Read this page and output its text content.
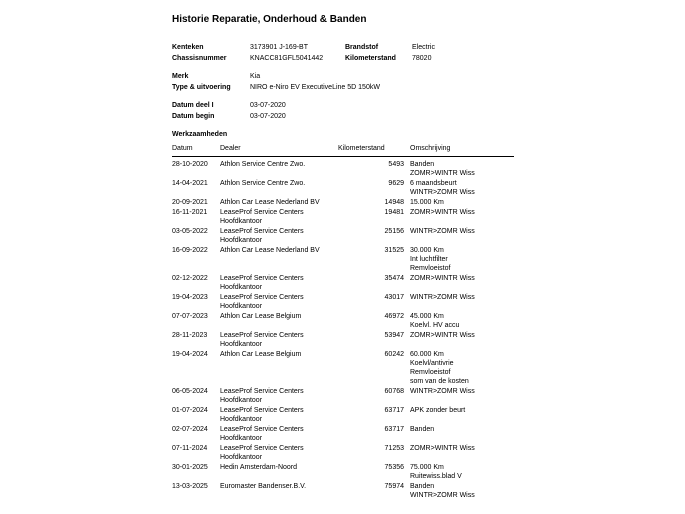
Historie Reparatie, Onderhoud & Banden
Kenteken	3173901 J-169-BT	Brandstof	Electric
Chassisnummer	KNACC81GFL5041442	Kilometerstand	78020
Merk	Kia
Type & uitvoering	NIRO e-Niro EV ExecutiveLine 5D 150kW
Datum deel I	03-07-2020
Datum begin	03-07-2020
Werkzaamheden
Datum	Dealer	Kilometerstand	Omschrijving
28-10-2020	Athlon Service Centre Zwo.	5493 Banden
ZOMR>WINTR Wiss
14-04-2021	Athlon Service Centre Zwo.	9629 6 maandsbeurt
WINTR>ZOMR Wiss
20-09-2021	Athlon Car Lease Nederland BV	14948 15.000 Km
16-11-2021	LeaseProf Service Centers Hoofdkantoor
19481 ZOMR>WINTR Wiss
03-05-2022	LeaseProf Service Centers Hoofdkantoor
25156 WINTR>ZOMR Wiss
16-09-2022	Athlon Car Lease Nederland BV	31525 30.000 Km
Int luchtfilter
Remvloeistof
02-12-2022	LeaseProf Service Centers Hoofdkantoor
35474 ZOMR>WINTR Wiss
19-04-2023	LeaseProf Service Centers Hoofdkantoor
43017 WINTR>ZOMR Wiss
07-07-2023	Athlon Car Lease Belgium	46972 45.000 Km
Koelvl. HV accu
28-11-2023	LeaseProf Service Centers Hoofdkantoor
53947 ZOMR>WINTR Wiss
19-04-2024	Athlon Car Lease Belgium	60242 60.000 Km
Koelvl/antivrie
Remvloeistof
som van de kosten
06-05-2024	LeaseProf Service Centers Hoofdkantoor
60768 WINTR>ZOMR Wiss
01-07-2024	LeaseProf Service Centers Hoofdkantoor
63717 APK zonder beurt
02-07-2024	LeaseProf Service Centers Hoofdkantoor
63717 Banden
07-11-2024	LeaseProf Service Centers Hoofdkantoor
71253 ZOMR>WINTR Wiss
30-01-2025	Hedin Amsterdam-Noord	75356 75.000 Km
Ruitewiss.blad V
13-03-2025	Euromaster Bandenser.B.V.	75974 Banden
WINTR>ZOMR Wiss
